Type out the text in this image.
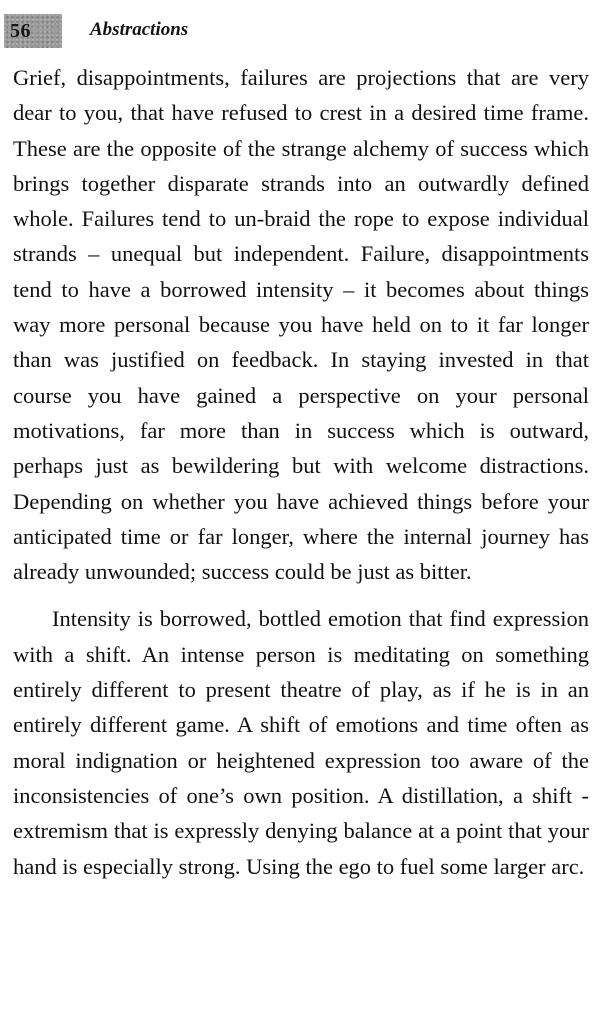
56	Abstractions

Grief, disappointments, failures are projections that are very dear to you, that have refused to crest in a desired time frame. These are the opposite of the strange alchemy of success which brings together disparate strands into an outwardly defined whole. Failures tend to un-braid the rope to expose individual strands – unequal but independent. Failure, disappointments tend to have a borrowed intensity – it becomes about things way more personal because you have held on to it far longer than was justified on feedback. In staying invested in that course you have gained a perspective on your personal motivations, far more than in success which is outward, perhaps just as bewildering but with welcome distractions. Depending on whether you have achieved things before your anticipated time or far longer, where the internal journey has already unwounded; success could be just as bitter.

Intensity is borrowed, bottled emotion that find expression with a shift. An intense person is meditating on something entirely different to present theatre of play, as if he is in an entirely different game. A shift of emotions and time often as moral indignation or heightened expression too aware of the inconsistencies of one’s own position. A distillation, a shift - extremism that is expressly denying balance at a point that your hand is especially strong. Using the ego to fuel some larger arc.
